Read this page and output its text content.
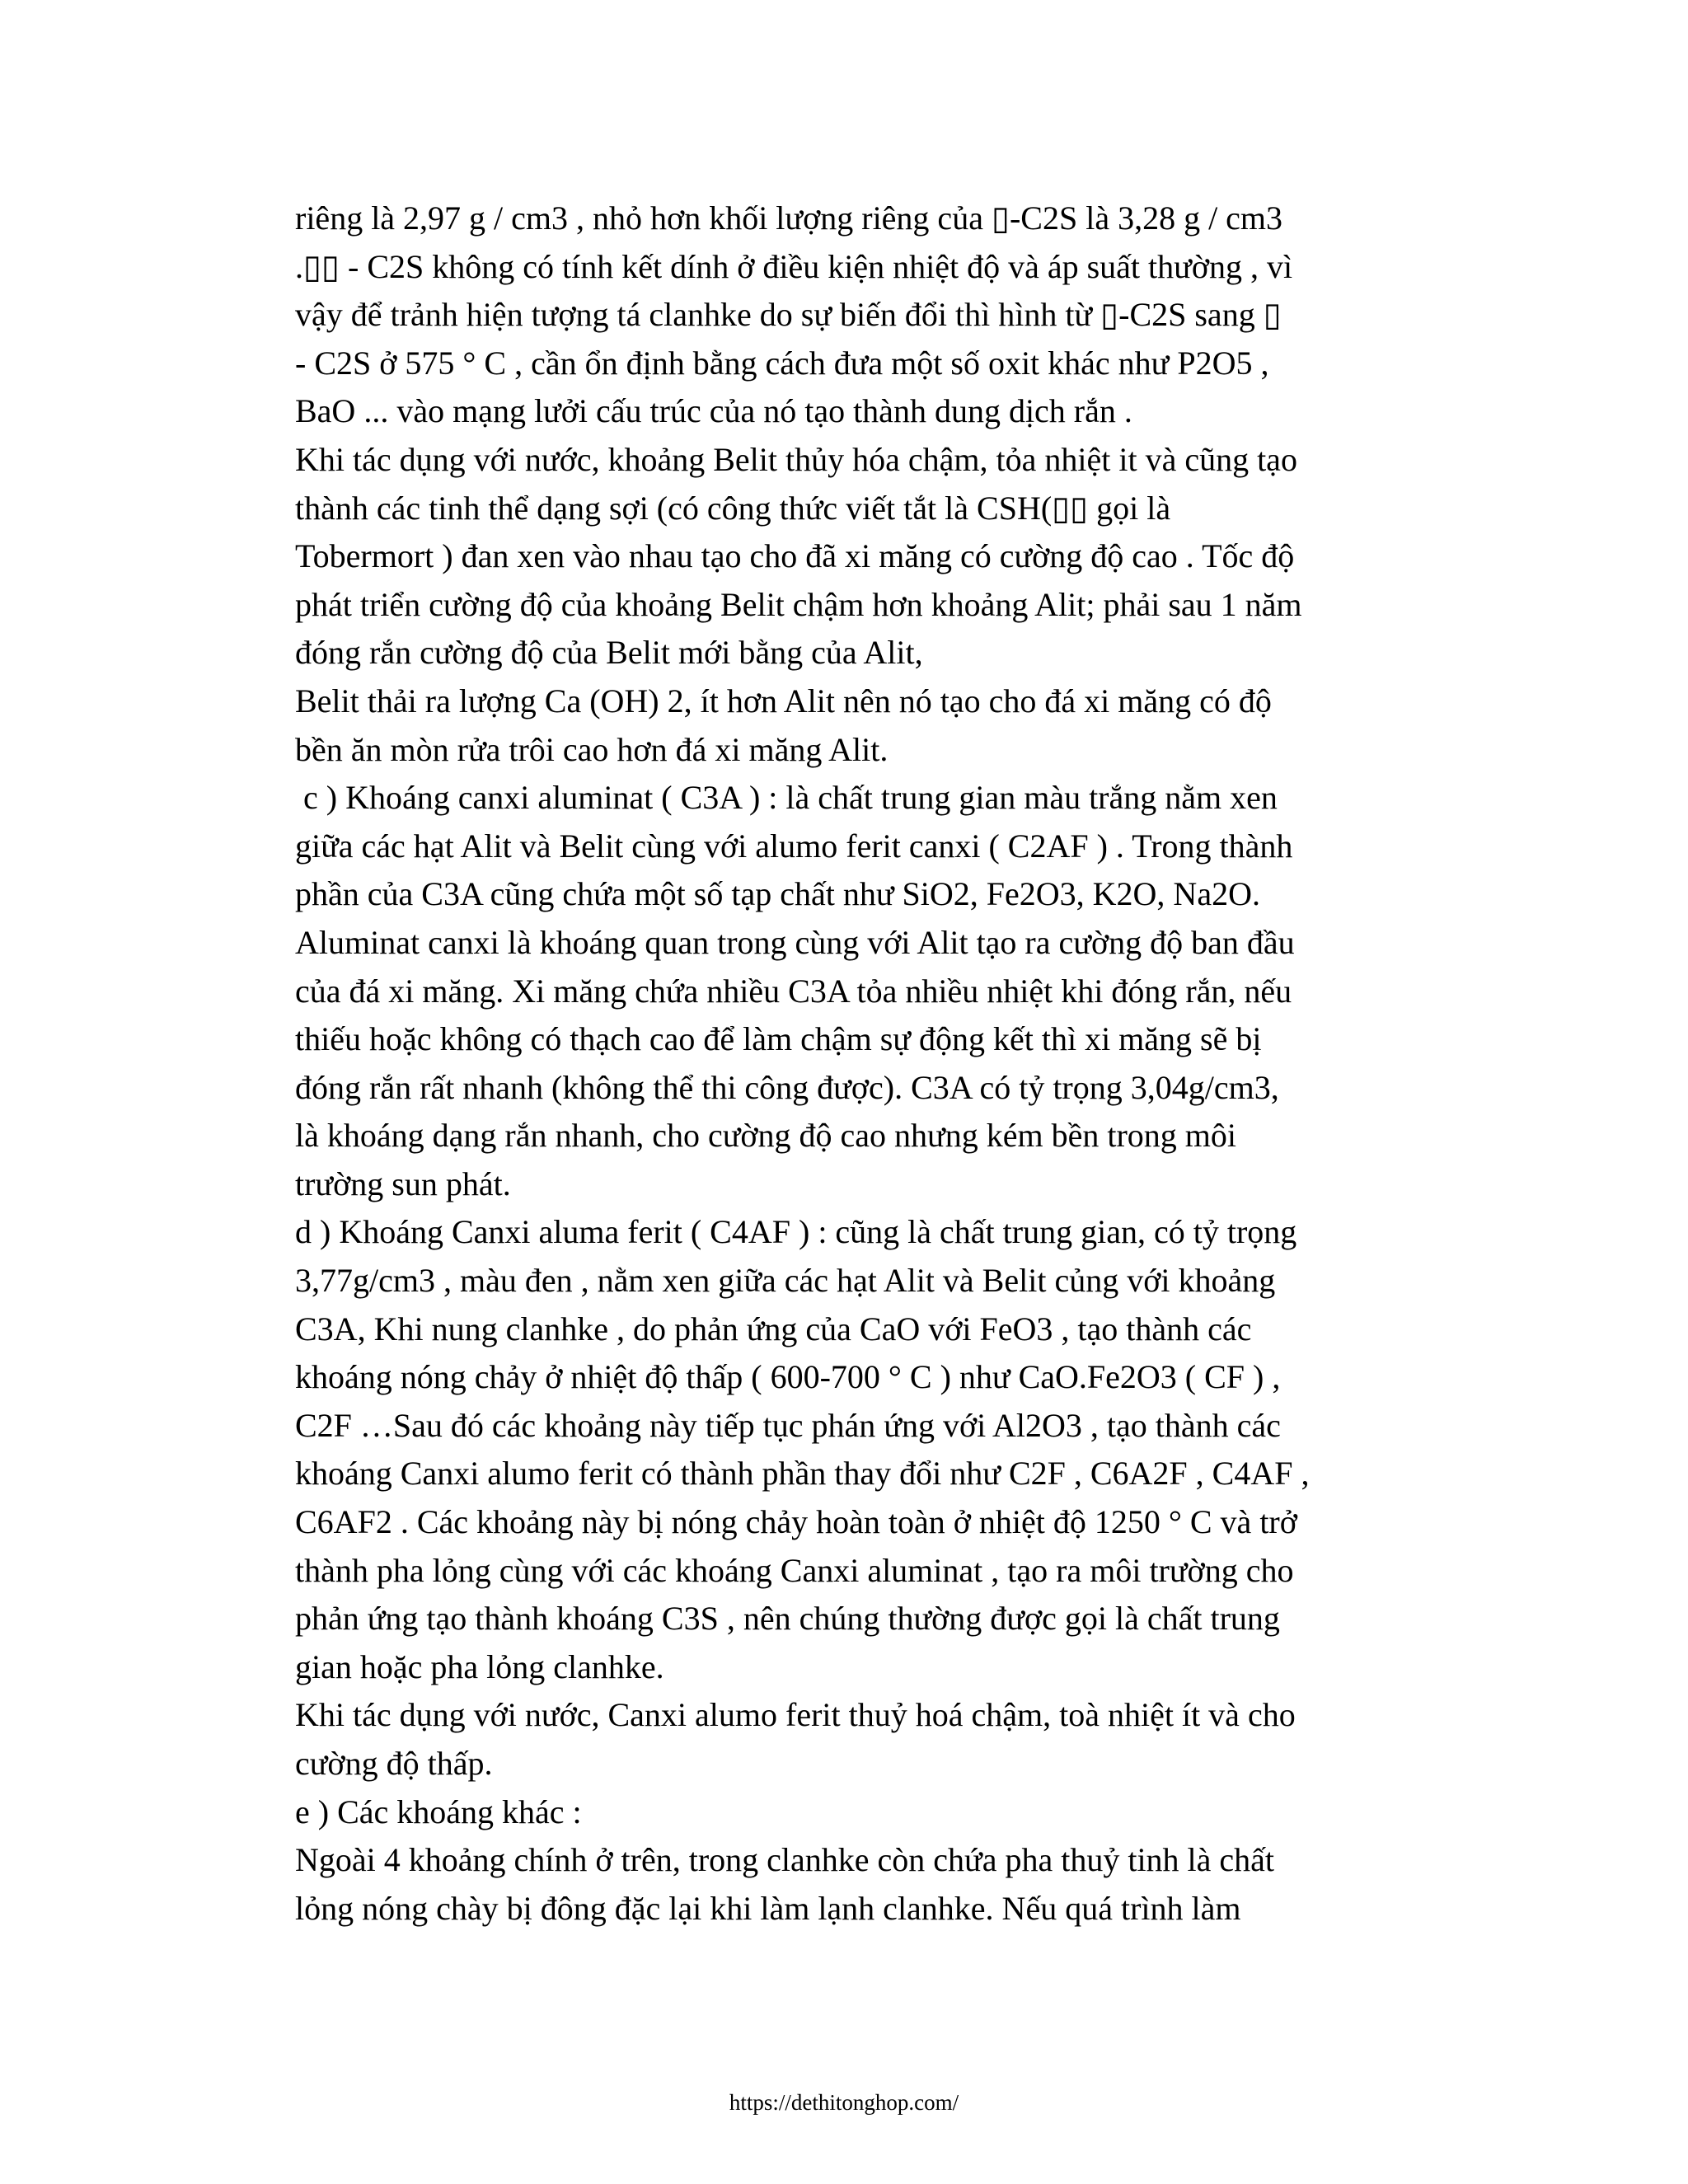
riêng là 2,97 g / cm3 , nhỏ hơn khối lượng riêng của ▯-C2S là 3,28 g / cm3
.▯▯ - C2S không có tính kết dính ở điều kiện nhiệt độ và áp suất thường , vì
vậy để trảnh hiện tượng tá clanhke do sự biến đổi thì hình từ ▯-C2S sang ▯
- C2S ở 575 ° C , cần ổn định bằng cách đưa một số oxit khác như P2O5 ,
BaO ... vào mạng lưởi cấu trúc của nó tạo thành dung dịch rắn .
Khi tác dụng với nước, khoảng Belit thủy hóa chậm, tỏa nhiệt it và cũng tạo
thành các tinh thể dạng sợi (có công thức viết tắt là CSH(▯▯ gọi là
Tobermort ) đan xen vào nhau tạo cho đã xi măng có cường độ cao . Tốc độ
phát triển cường độ của khoảng Belit chậm hơn khoảng Alit; phải sau 1 năm
đóng rắn cường độ của Belit mới bằng của Alit,
Belit thải ra lượng Ca (OH) 2, ít hơn Alit nên nó tạo cho đá xi măng có độ
bền ăn mòn rửa trôi cao hơn đá xi măng Alit.
c ) Khoáng canxi aluminat ( C3A ) : là chất trung gian màu trắng nằm xen
giữa các hạt Alit và Belit cùng với alumo ferit canxi ( C2AF ) . Trong thành
phần của C3A cũng chứa một số tạp chất như SiO2, Fe2O3, K2O, Na2O.
Aluminat canxi là khoáng quan trong cùng với Alit tạo ra cường độ ban đầu
của đá xi măng. Xi măng chứa nhiều C3A tỏa nhiều nhiệt khi đóng rắn, nếu
thiếu hoặc không có thạch cao để làm chậm sự động kết thì xi măng sẽ bị
đóng rắn rất nhanh (không thể thi công được). C3A có tỷ trọng 3,04g/cm3,
là khoáng dạng rắn nhanh, cho cường độ cao nhưng kém bền trong môi
trường sun phát.
d ) Khoáng Canxi aluma ferit ( C4AF ) : cũng là chất trung gian, có tỷ trọng
3,77g/cm3 , màu đen , nằm xen giữa các hạt Alit và Belit củng với khoảng
C3A, Khi nung clanhke , do phản ứng của CaO với FeO3 , tạo thành các
khoáng nóng chảy ở nhiệt độ thấp ( 600-700 ° C ) như CaO.Fe2O3 ( CF ) ,
C2F …Sau đó các khoảng này tiếp tục phán ứng với Al2O3 , tạo thành các
khoáng Canxi alumo ferit có thành phần thay đổi như C2F , C6A2F , C4AF ,
C6AF2 . Các khoảng này bị nóng chảy hoàn toàn ở nhiệt độ 1250 ° C và trở
thành pha lỏng cùng với các khoáng Canxi aluminat , tạo ra môi trường cho
phản ứng tạo thành khoáng C3S , nên chúng thường được gọi là chất trung
gian hoặc pha lỏng clanhke.
Khi tác dụng với nước, Canxi alumo ferit thuỷ hoá chậm, toà nhiệt ít và cho
cường độ thấp.
e ) Các khoáng khác :
Ngoài 4 khoảng chính ở trên, trong clanhke còn chứa pha thuỷ tinh là chất
lỏng nóng chày bị đông đặc lại khi làm lạnh clanhke. Nếu quá trình làm
https://dethitonghop.com/
